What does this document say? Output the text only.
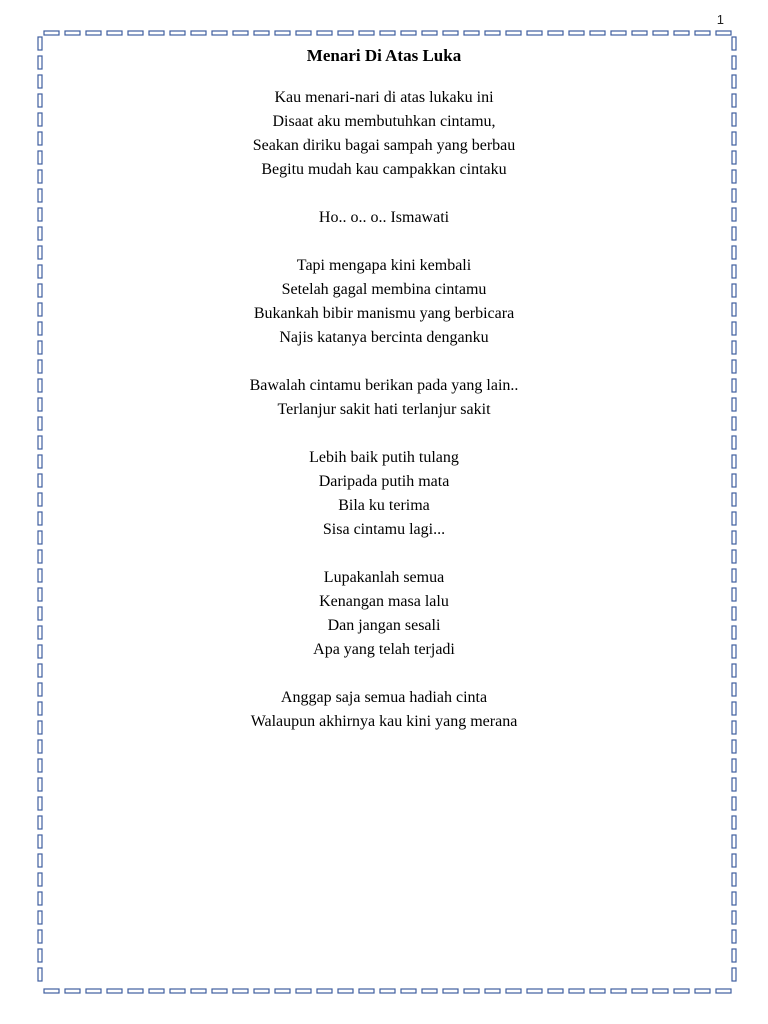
1
Menari Di Atas Luka
Kau menari-nari di atas lukaku ini
Disaat aku membutuhkan cintamu,
Seakan diriku bagai sampah yang berbau
Begitu mudah kau campakkan cintaku
Ho.. o.. o.. Ismawati
Tapi mengapa kini kembali
Setelah gagal membina cintamu
Bukankah bibir manismu yang berbicara
Najis katanya bercinta denganku
Bawalah cintamu berikan pada yang lain..
Terlanjur sakit hati terlanjur sakit
Lebih baik putih tulang
Daripada putih mata
Bila ku terima
Sisa cintamu lagi...
Lupakanlah semua
Kenangan masa lalu
Dan jangan sesali
Apa yang telah terjadi
Anggap saja semua hadiah cinta
Walaupun akhirnya kau kini yang merana
